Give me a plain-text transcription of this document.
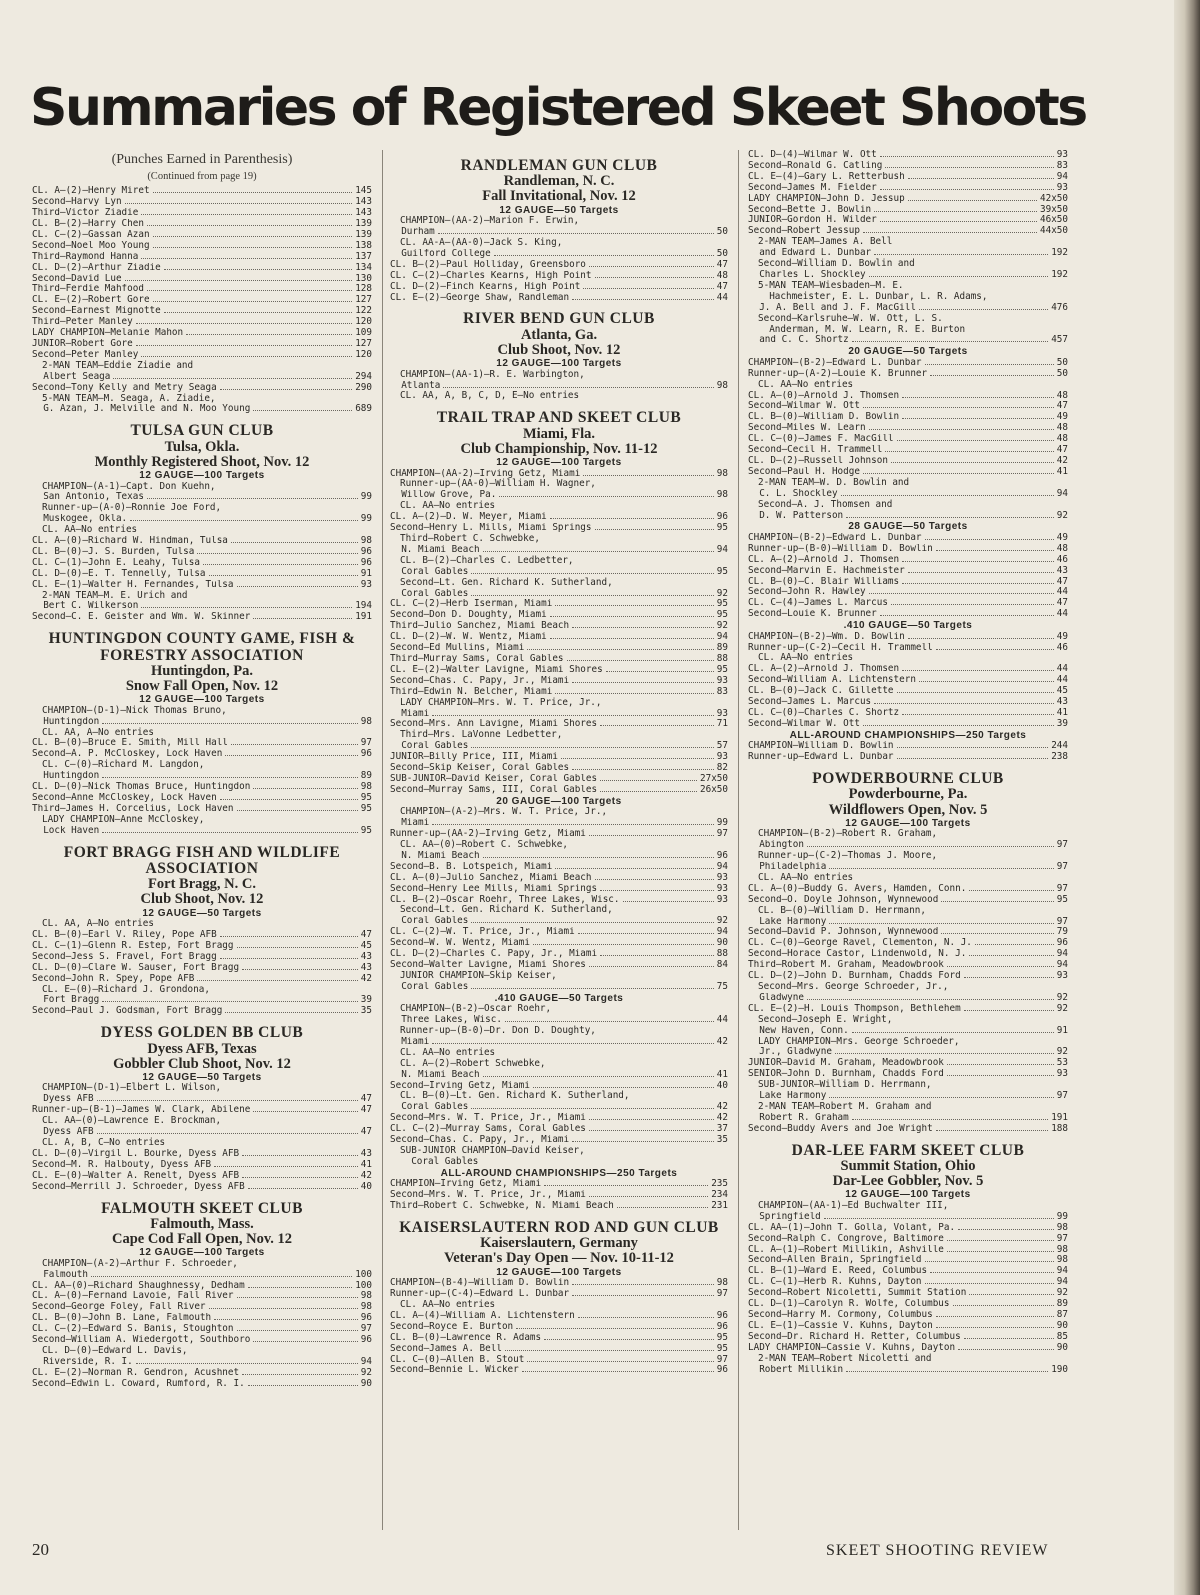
Summaries of Registered Skeet Shoots
(Punches Earned in Parenthesis)
(Continued from page 19)
CL. A—(2)—Henry Miret	145
Second—Harvy Lyn	143
Third—Victor Ziadie	143
CL. B—(2)—Harry Chen	139
CL. C—(2)—Gassan Azan	139
Second—Noel Moo Young	138
Third—Raymond Hanna	137
CL. D—(2)—Arthur Ziadie	134
Second—David Lue	130
Third—Ferdie Mahfood	128
CL. E—(2)—Robert Gore	127
Second—Earnest Mignotte	122
Third—Peter Manley	120
LADY CHAMPION—Melanie Mahon	109
JUNIOR—Robert Gore	127
Second—Peter Manley	120
2-MAN TEAM—Eddie Ziadie and
Albert Seaga	294
Second—Tony Kelly and Metry Seaga	290
5-MAN TEAM—M. Seaga, A. Ziadie,
G. Azan, J. Melville and N. Moo Young	689
TULSA GUN CLUB
Tulsa, Okla.
Monthly Registered Shoot, Nov. 12
12 GAUGE—100 Targets
CHAMPION—(A-1)—Capt. Don Kuehn,
San Antonio, Texas	99
Runner-up—(A-0)—Ronnie Joe Ford,
Muskogee, Okla.	99
CL. AA—No entries
CL. A—(0)—Richard W. Hindman, Tulsa	98
CL. B—(0)—J. S. Burden, Tulsa	96
CL. C—(1)—John E. Leahy, Tulsa	96
CL. D—(0)—E. T. Tennelly, Tulsa	91
CL. E—(1)—Walter H. Fernandes, Tulsa	93
2-MAN TEAM—M. E. Urich and
Bert C. Wilkerson	194
Second—C. E. Geister and Wm. W. Skinner	191
HUNTINGDON COUNTY GAME, FISH & FORESTRY ASSOCIATION
Huntingdon, Pa.
Snow Fall Open, Nov. 12
12 GAUGE—100 Targets
CHAMPION—(D-1)—Nick Thomas Bruno,
Huntingdon	98
CL. AA, A—No entries
CL. B—(0)—Bruce E. Smith, Mill Hall	97
Second—A. P. McCloskey, Lock Haven	96
CL. C—(0)—Richard M. Langdon,
Huntingdon	89
CL. D—(0)—Nick Thomas Bruce, Huntingdon	98
Second—Anne McCloskey, Lock Haven	95
Third—James H. Corcelius, Lock Haven	95
LADY CHAMPION—Anne McCloskey,
Lock Haven	95
FORT BRAGG FISH AND WILDLIFE ASSOCIATION
Fort Bragg, N. C.
Club Shoot, Nov. 12
12 GAUGE—50 Targets
CL. AA, A—No entries
CL. B—(0)—Earl V. Riley, Pope AFB	47
CL. C—(1)—Glenn R. Estep, Fort Bragg	45
Second—Jess S. Fravel, Fort Bragg	43
CL. D—(0)—Clare W. Sauser, Fort Bragg	43
Second—John R. Spey, Pope AFB	42
CL. E—(0)—Richard J. Grondona,
Fort Bragg	39
Second—Paul J. Godsman, Fort Bragg	35
DYESS GOLDEN BB CLUB
Dyess AFB, Texas
Gobbler Club Shoot, Nov. 12
12 GAUGE—50 Targets
CHAMPION—(D-1)—Elbert L. Wilson,
Dyess AFB	47
Runner-up—(B-1)—James W. Clark, Abilene	47
CL. AA—(0)—Lawrence E. Brockman,
Dyess AFB	47
CL. A, B, C—No entries
CL. D—(0)—Virgil L. Bourke, Dyess AFB	43
Second—M. R. Halbouty, Dyess AFB	41
CL. E—(0)—Walter A. Renelt, Dyess AFB	42
Second—Merrill J. Schroeder, Dyess AFB	40
FALMOUTH SKEET CLUB
Falmouth, Mass.
Cape Cod Fall Open, Nov. 12
12 GAUGE—100 Targets
CHAMPION—(A-2)—Arthur F. Schroeder,
Falmouth	100
CL. AA—(0)—Richard Shaughnessy, Dedham	100
CL. A—(0)—Fernand Lavoie, Fall River	98
Second—George Foley, Fall River	98
CL. B—(0)—John B. Lane, Falmouth	96
CL. C—(2)—Edward S. Banis, Stoughton	97
Second—William A. Wiedergott, Southboro	96
CL. D—(0)—Edward L. Davis,
Riverside, R. I.	94
CL. E—(2)—Norman R. Gendron, Acushnet	92
Second—Edwin L. Coward, Rumford, R. I.	90
RANDLEMAN GUN CLUB
Randleman, N. C.
Fall Invitational, Nov. 12
12 GAUGE—50 Targets
CHAMPION—(AA-2)—Marion F. Erwin,
Durham	50
CL. AA-A—(AA-0)—Jack S. King,
Guilford College	50
CL. B—(2)—Paul Holliday, Greensboro	47
CL. C—(2)—Charles Kearns, High Point	48
CL. D—(2)—Finch Kearns, High Point	47
CL. E—(2)—George Shaw, Randleman	44
RIVER BEND GUN CLUB
Atlanta, Ga.
Club Shoot, Nov. 12
12 GAUGE—100 Targets
CHAMPION—(AA-1)—R. E. Warbington,
Atlanta	98
CL. AA, A, B, C, D, E—No entries
TRAIL TRAP AND SKEET CLUB
Miami, Fla.
Club Championship, Nov. 11-12
12 GAUGE—100 Targets
CHAMPION—(AA-2)—Irving Getz, Miami	98
Runner-up—(AA-0)—William H. Wagner,
Willow Grove, Pa.	98
CL. AA—No entries
CL. A—(2)—D. W. Meyer, Miami	96
Second—Henry L. Mills, Miami Springs	95
Third—Robert C. Schwebke,
N. Miami Beach	94
CL. B—(2)—Charles C. Ledbetter,
Coral Gables	95
Second—Lt. Gen. Richard K. Sutherland,
Coral Gables	92
CL. C—(2)—Herb Iserman, Miami	95
Second—Don D. Doughty, Miami	95
Third—Julio Sanchez, Miami Beach	92
CL. D—(2)—W. W. Wentz, Miami	94
Second—Ed Mullins, Miami	89
Third—Murray Sams, Coral Gables	88
CL. E—(2)—Walter Lavigne, Miami Shores	95
Second—Chas. C. Papy, Jr., Miami	93
Third—Edwin N. Belcher, Miami	83
LADY CHAMPION—Mrs. W. T. Price, Jr.,
Miami	93
Second—Mrs. Ann Lavigne, Miami Shores	71
Third—Mrs. LaVonne Ledbetter,
Coral Gables	57
JUNIOR—Billy Price, III, Miami	93
Second—Skip Keiser, Coral Gables	82
SUB-JUNIOR—David Keiser, Coral Gables	27x50
Second—Murray Sams, III, Coral Gables	26x50
20 GAUGE—100 Targets
CHAMPION—(A-2)—Mrs. W. T. Price, Jr.,
Miami	99
Runner-up—(AA-2)—Irving Getz, Miami	97
CL. AA—(0)—Robert C. Schwebke,
N. Miami Beach	96
Second—B. B. Lotspeich, Miami	94
CL. A—(0)—Julio Sanchez, Miami Beach	93
Second—Henry Lee Mills, Miami Springs	93
CL. B—(2)—Oscar Roehr, Three Lakes, Wisc.	93
Second—Lt. Gen. Richard K. Sutherland,
Coral Gables	92
CL. C—(2)—W. T. Price, Jr., Miami	94
Second—W. W. Wentz, Miami	90
CL. D—(2)—Charles C. Papy, Jr., Miami	88
Second—Walter Lavigne, Miami Shores	84
JUNIOR CHAMPION—Skip Keiser,
Coral Gables	75
.410 GAUGE—50 Targets
CHAMPION—(B-2)—Oscar Roehr,
Three Lakes, Wisc.	44
Runner-up—(B-0)—Dr. Don D. Doughty,
Miami	42
CL. AA—No entries
CL. A—(2)—Robert Schwebke,
N. Miami Beach	41
Second—Irving Getz, Miami	40
CL. B—(0)—Lt. Gen. Richard K. Sutherland,
Coral Gables	42
Second—Mrs. W. T. Price, Jr., Miami	42
CL. C—(2)—Murray Sams, Coral Gables	37
Second—Chas. C. Papy, Jr., Miami	35
SUB-JUNIOR CHAMPION—David Keiser,
Coral Gables
ALL-AROUND CHAMPIONSHIPS—250 Targets
CHAMPION—Irving Getz, Miami	235
Second—Mrs. W. T. Price, Jr., Miami	234
Third—Robert C. Schwebke, N. Miami Beach	231
KAISERSLAUTERN ROD AND GUN CLUB
Kaiserslautern, Germany
Veteran's Day Open — Nov. 10-11-12
12 GAUGE—100 Targets
CHAMPION—(B-4)—William D. Bowlin	98
Runner-up—(C-4)—Edward L. Dunbar	97
CL. AA—No entries
CL. A—(4)—William A. Lichtenstern	96
Second—Royce E. Burton	96
CL. B—(0)—Lawrence R. Adams	95
Second—James A. Bell	95
CL. C—(0)—Allen B. Stout	97
Second—Bennie L. Wicker	96
CL. D—(4)—Wilmar W. Ott	93
Second—Ronald G. Catling	83
CL. E—(4)—Gary L. Retterbush	94
Second—James M. Fielder	93
LADY CHAMPION—John D. Jessup	42x50
Second—Bette J. Bowlin	39x50
JUNIOR—Gordon H. Wilder	46x50
Second—Robert Jessup	44x50
2-MAN TEAM—James A. Bell
and Edward L. Dunbar	192
Second—William D. Bowlin and
Charles L. Shockley	192
5-MAN TEAM—Wiesbaden—M. E.
Hachmeister, E. L. Dunbar, L. R. Adams,
J. A. Bell and J. F. MacGill	476
Second—Karlsruhe—W. W. Ott, L. S.
Anderman, M. W. Learn, R. E. Burton
and C. C. Shortz	457
20 GAUGE—50 Targets
CHAMPION—(B-2)—Edward L. Dunbar	50
Runner-up—(A-2)—Louie K. Brunner	50
CL. AA—No entries
CL. A—(0)—Arnold J. Thomsen	48
Second—Wilmar W. Ott	47
CL. B—(0)—William D. Bowlin	49
Second—Miles W. Learn	48
CL. C—(0)—James F. MacGill	48
Second—Cecil H. Trammell	47
CL. D—(2)—Russell Johnson	42
Second—Paul H. Hodge	41
2-MAN TEAM—W. D. Bowlin and
C. L. Shockley	94
Second—A. J. Thomsen and
D. W. Patterson	92
28 GAUGE—50 Targets
CHAMPION—(B-2)—Edward L. Dunbar	49
Runner-up—(B-0)—William D. Bowlin	48
CL. A—(2)—Arnold J. Thomsen	46
Second—Marvin E. Hachmeister	43
CL. B—(0)—C. Blair Williams	47
Second—John R. Hawley	44
CL. C—(4)—James L. Marcus	47
Second—Louie K. Brunner	44
.410 GAUGE—50 Targets
CHAMPION—(B-2)—Wm. D. Bowlin	49
Runner-up—(C-2)—Cecil H. Trammell	46
CL. AA—No entries
CL. A—(2)—Arnold J. Thomsen	44
Second—William A. Lichtenstern	44
CL. B—(0)—Jack C. Gillette	45
Second—James L. Marcus	43
CL. C—(0)—Charles C. Shortz	41
Second—Wilmar W. Ott	39
ALL-AROUND CHAMPIONSHIPS—250 Targets
CHAMPION—William D. Bowlin	244
Runner-up—Edward L. Dunbar	238
POWDERBOURNE CLUB
Powderbourne, Pa.
Wildflowers Open, Nov. 5
12 GAUGE—100 Targets
CHAMPION—(B-2)—Robert R. Graham,
Abington	97
Runner-up—(C-2)—Thomas J. Moore,
Philadelphia	97
CL. AA—No entries
CL. A—(0)—Buddy G. Avers, Hamden, Conn.	97
Second—O. Doyle Johnson, Wynnewood	95
CL. B—(0)—William D. Herrmann,
Lake Harmony	97
Second—David P. Johnson, Wynnewood	79
CL. C—(0)—George Ravel, Clementon, N. J.	96
Second—Horace Castor, Lindenwold, N. J.	94
Third—Robert M. Graham, Meadowbrook	94
CL. D—(2)—John D. Burnham, Chadds Ford	93
Second—Mrs. George Schroeder, Jr.,
Gladwyne	92
CL. E—(2)—H. Louis Thompson, Bethlehem	92
Second—Joseph E. Wright,
New Haven, Conn.	91
LADY CHAMPION—Mrs. George Schroeder,
Jr., Gladwyne	92
JUNIOR—David M. Graham, Meadowbrook	53
SENIOR—John D. Burnham, Chadds Ford	93
SUB-JUNIOR—William D. Herrmann,
Lake Harmony	97
2-MAN TEAM—Robert M. Graham and
Robert R. Graham	191
Second—Buddy Avers and Joe Wright	188
DAR-LEE FARM SKEET CLUB
Summit Station, Ohio
Dar-Lee Gobbler, Nov. 5
12 GAUGE—100 Targets
CHAMPION—(AA-1)—Ed Buchwalter III,
Springfield	99
CL. AA—(1)—John T. Golla, Volant, Pa.	98
Second—Ralph C. Congrove, Baltimore	97
CL. A—(1)—Robert Millikin, Ashville	98
Second—Allen Brain, Springfield	98
CL. B—(1)—Ward E. Reed, Columbus	94
CL. C—(1)—Herb R. Kuhns, Dayton	94
Second—Robert Nicoletti, Summit Station	92
CL. D—(1)—Carolyn R. Wolfe, Columbus	89
Second—Harry M. Cormony, Columbus	87
CL. E—(1)—Cassie V. Kuhns, Dayton	90
Second—Dr. Richard H. Retter, Columbus	85
LADY CHAMPION—Cassie V. Kuhns, Dayton	90
2-MAN TEAM—Robert Nicoletti and
Robert Millikin	190
20	SKEET SHOOTING REVIEW
